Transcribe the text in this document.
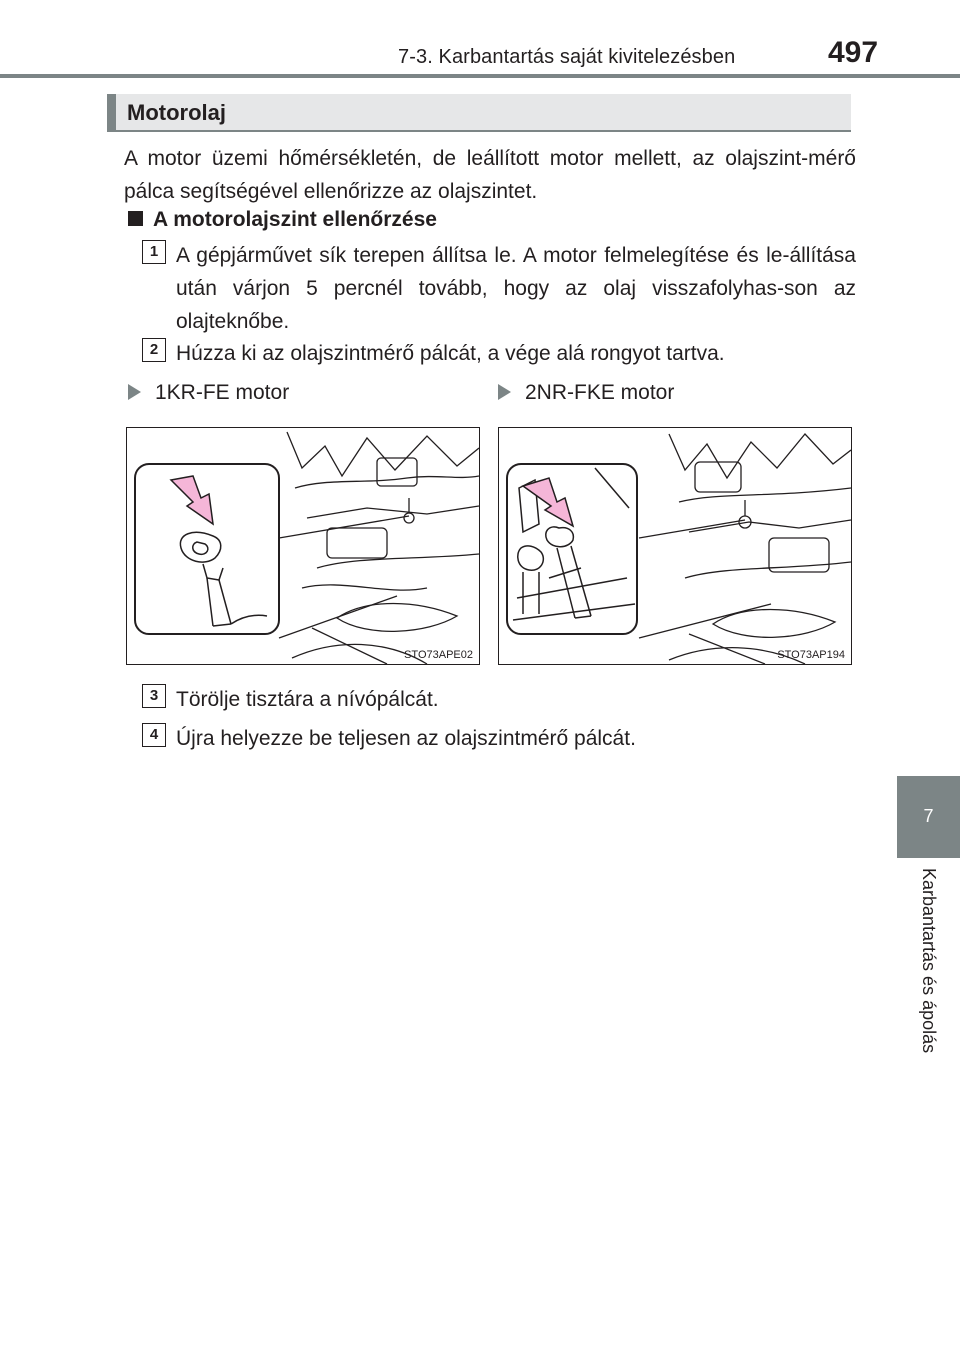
7-3. Karbantartás saját kivitelezésben	497
7
Karbantartás és ápolás
Motorolaj
A motor üzemi hőmérsékletén, de leállított motor mellett, az olajszint-mérő pálca segítségével ellenőrizze az olajszintet.
A motorolajszint ellenőrzése
1 A gépjárművet sík terepen állítsa le. A motor felmelegítése és le-állítása után várjon 5 percnél tovább, hogy az olaj visszafolyhas-son az olajteknőbe.
2 Húzza ki az olajszintmérő pálcát, a vége alá rongyot tartva.
1KR-FE motor	2NR-FKE motor
STO73APE02	STO73AP194
3 Törölje tisztára a nívópálcát.
4 Újra helyezze be teljesen az olajszintmérő pálcát.
